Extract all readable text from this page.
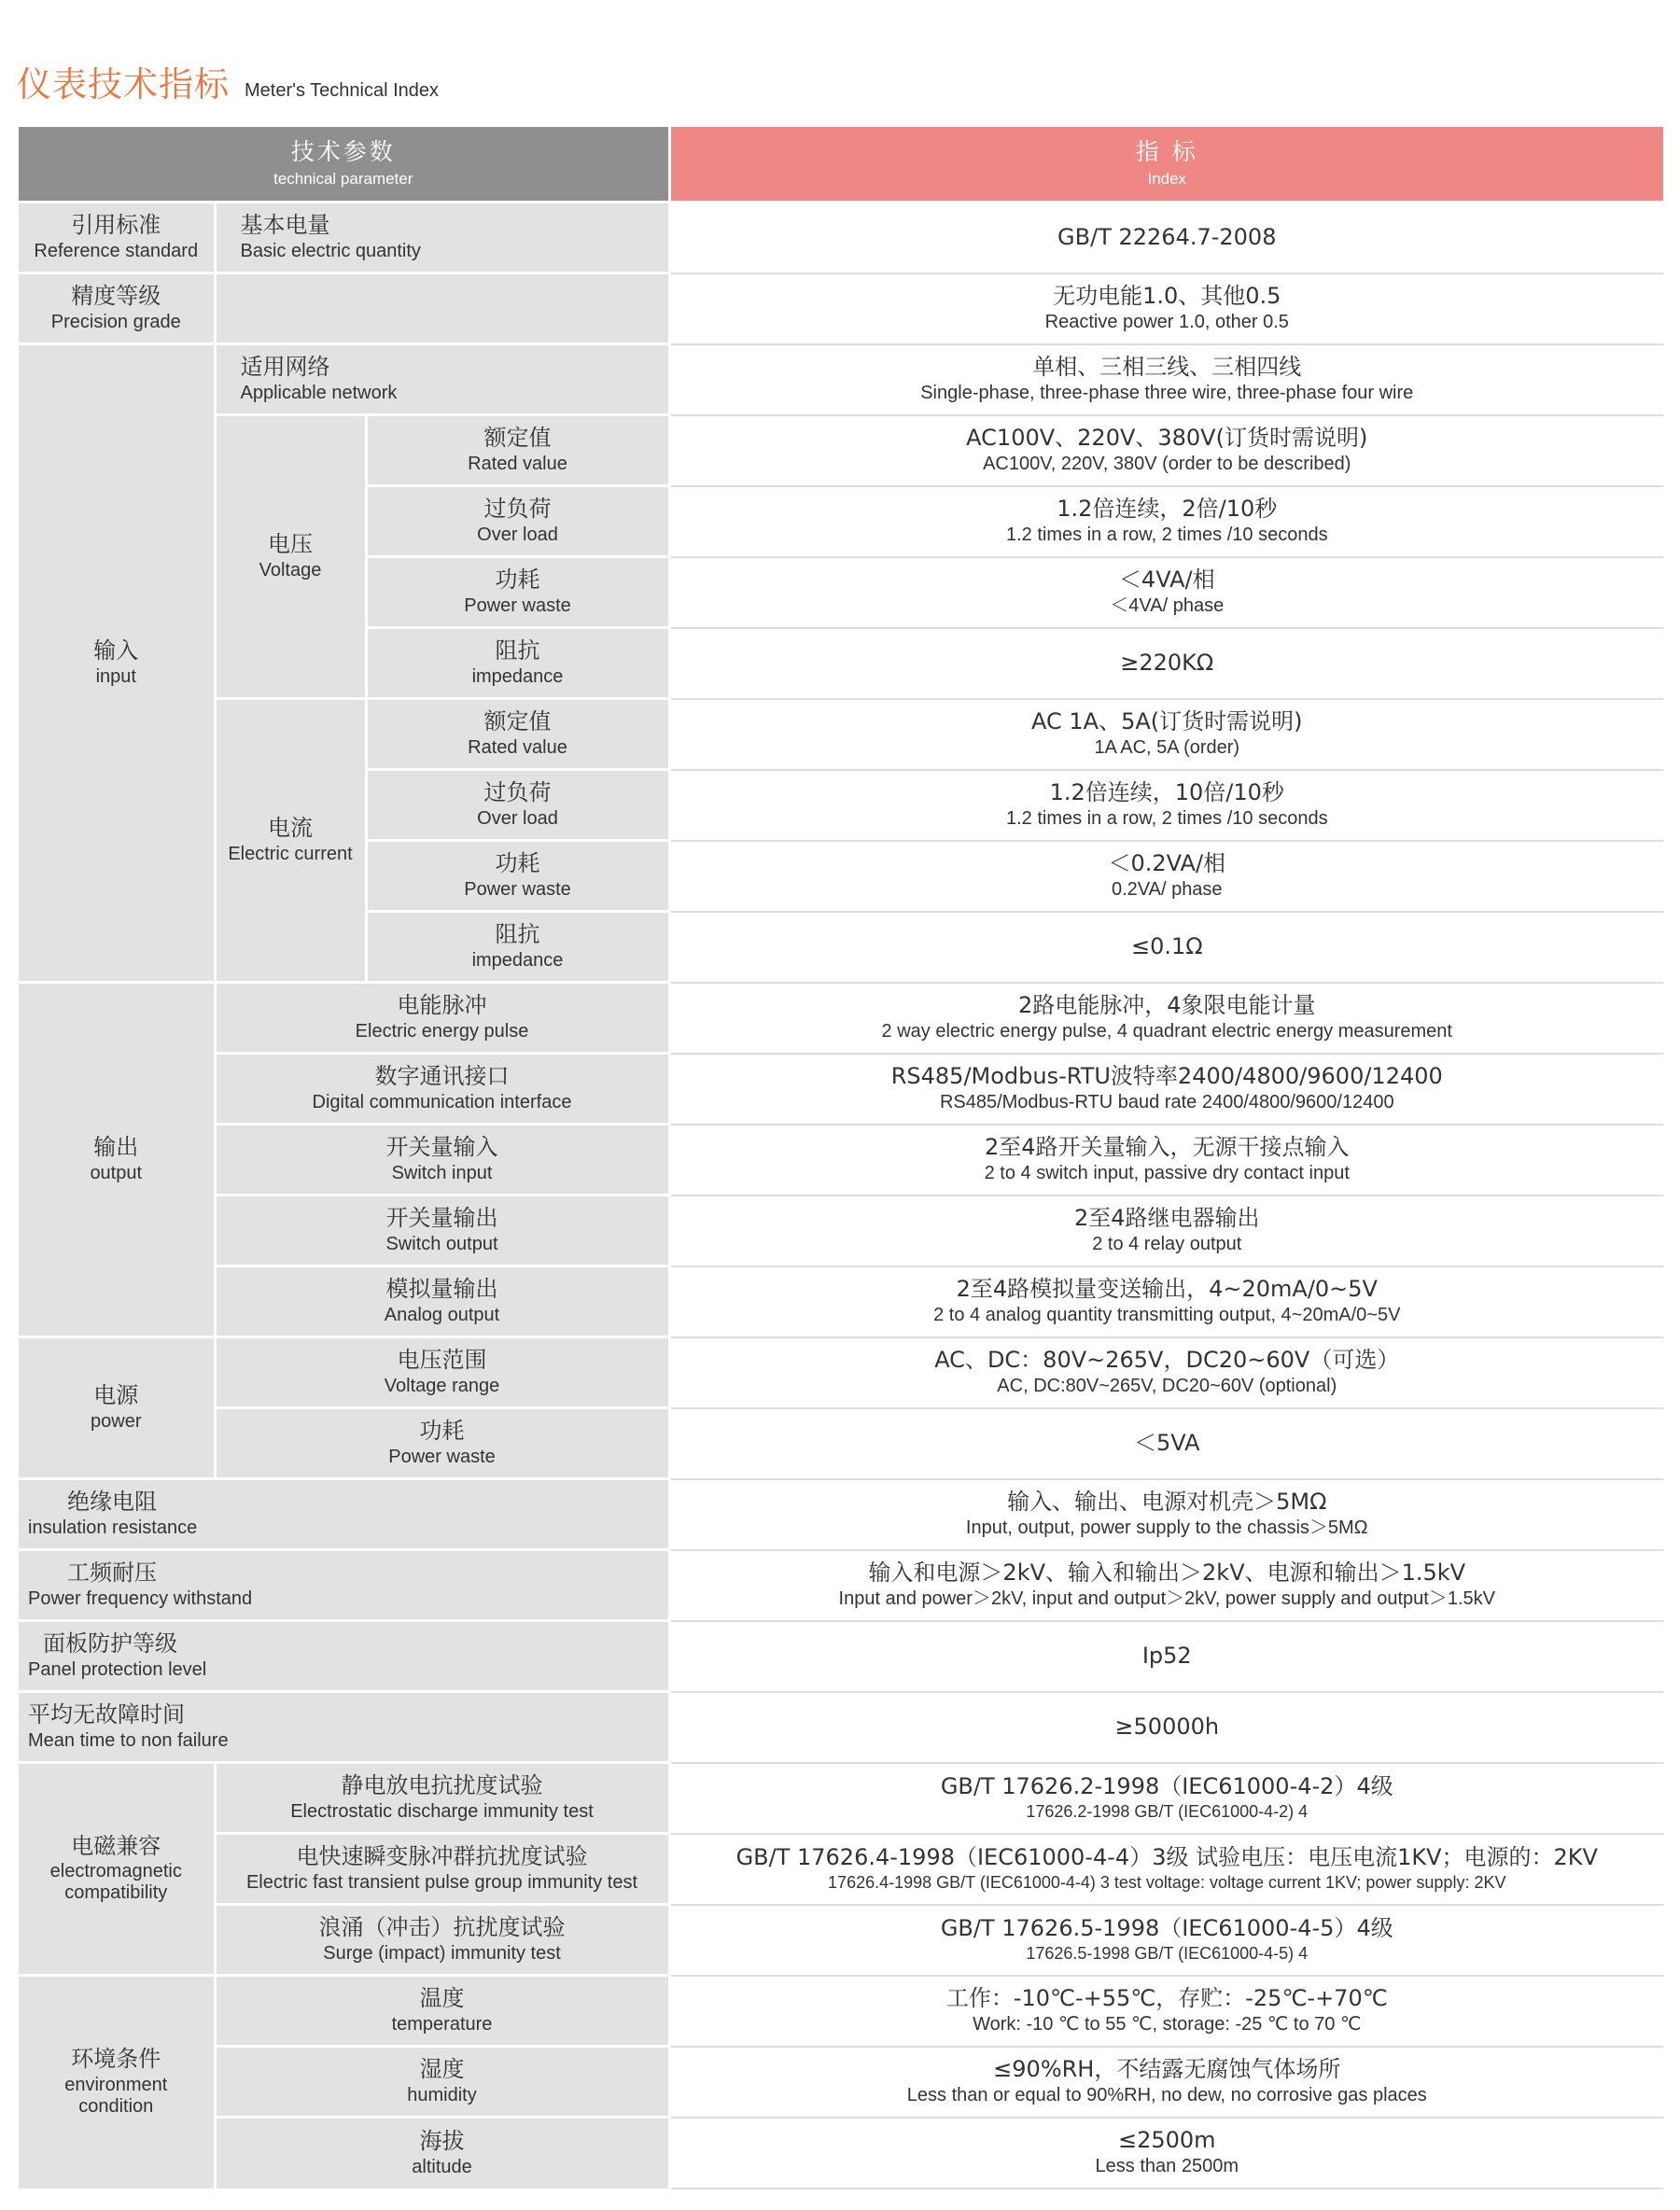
仪表技术指标 Meter's Technical Index
技术参数
technical parameter			指 标
Index

引用标准
Reference standard	基本电量
Basic electric quantity		GB/T 22264.7-2008

精度等级
Precision grade			无功电能1.0、其他0.5
Reactive power 1.0, other 0.5

输入
input	适用网络
Applicable network		单相、三相三线、三相四线
Single-phase, three-phase three wire, three-phase four wire

	电压
Voltage	额定值
Rated value	AC100V、220V、380V(订货时需说明)
AC100V, 220V, 380V (order to be described)

		过负荷
Over load	1.2倍连续，2倍/10秒
1.2 times in a row, 2 times /10 seconds

		功耗
Power waste	＜4VA/相
＜4VA/ phase

		阻抗
impedance	≥220KΩ

	电流
Electric current	额定值
Rated value	AC 1A、5A(订货时需说明)
1A AC, 5A (order)

		过负荷
Over load	1.2倍连续，10倍/10秒
1.2 times in a row, 2 times /10 seconds

		功耗
Power waste	＜0.2VA/相
0.2VA/ phase

		阻抗
impedance	≤0.1Ω

输出
output	电能脉冲
Electric energy pulse		2路电能脉冲，4象限电能计量
2 way electric energy pulse, 4 quadrant electric energy measurement

	数字通讯接口
Digital communication interface		RS485/Modbus-RTU波特率2400/4800/9600/12400
RS485/Modbus-RTU baud rate 2400/4800/9600/12400

	开关量输入
Switch input		2至4路开关量输入，无源干接点输入
2 to 4 switch input, passive dry contact input

	开关量输出
Switch output		2至4路继电器输出
2 to 4 relay output

	模拟量输出
Analog output		2至4路模拟量变送输出，4~20mA/0~5V
2 to 4 analog quantity transmitting output, 4~20mA/0~5V

电源
power	电压范围
Voltage range		AC、DC：80V~265V，DC20~60V（可选）
AC, DC:80V~265V, DC20~60V (optional)

	功耗
Power waste		＜5VA

绝缘电阻
insulation resistance			输入、输出、电源对机壳＞5MΩ
Input, output, power supply to the chassis＞5MΩ

工频耐压
Power frequency withstand			输入和电源＞2kV、输入和输出＞2kV、电源和输出＞1.5kV
Input and power＞2kV, input and output＞2kV, power supply and output＞1.5kV

面板防护等级
Panel protection level			Ip52

平均无故障时间
Mean time to non failure			≥50000h

电磁兼容
electromagnetic compatibility	静电放电抗扰度试验
Electrostatic discharge immunity test		GB/T 17626.2-1998（IEC61000-4-2）4级
17626.2-1998 GB/T (IEC61000-4-2) 4

	电快速瞬变脉冲群抗扰度试验
Electric fast transient pulse group immunity test		GB/T 17626.4-1998（IEC61000-4-4）3级 试验电压：电压电流1KV；电源的：2KV
17626.4-1998 GB/T (IEC61000-4-4) 3 test voltage: voltage current 1KV; power supply: 2KV

	浪涌（冲击）抗扰度试验
Surge (impact) immunity test		GB/T 17626.5-1998（IEC61000-4-5）4级
17626.5-1998 GB/T (IEC61000-4-5) 4

环境条件
environment condition	温度
temperature		工作：-10℃-+55℃，存贮：-25℃-+70℃
Work: -10 ℃ to 55 ℃, storage: -25 ℃ to 70 ℃

	湿度
humidity		≤90%RH，不结露无腐蚀气体场所
Less than or equal to 90%RH, no dew, no corrosive gas places

	海拔
altitude		≤2500m
Less than 2500m
